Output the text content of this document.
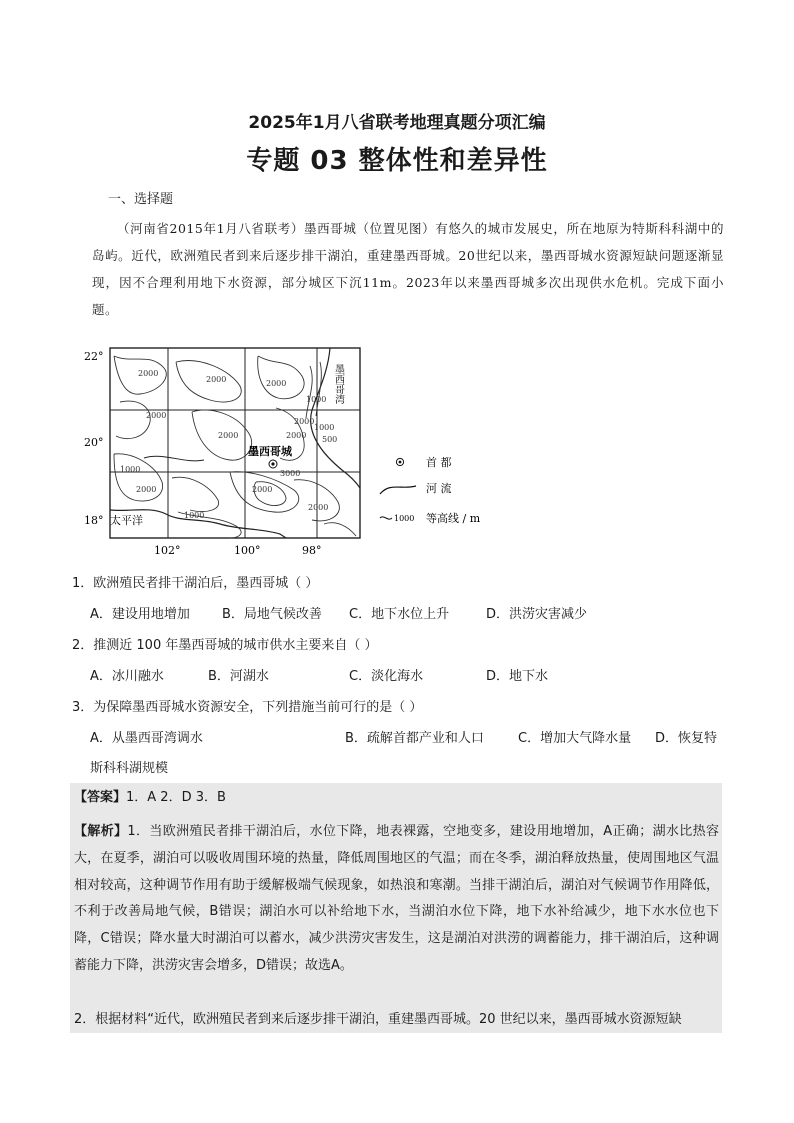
2025年1月八省联考地理真题分项汇编
专题 03 整体性和差异性
一、选择题
（河南省2015年1月八省联考）墨西哥城（位置见图）有悠久的城市发展史，所在地原为特斯科科湖中的岛屿。近代，欧洲殖民者到来后逐步排干湖泊，重建墨西哥城。20世纪以来，墨西哥城水资源短缺问题逐渐显现，因不合理利用地下水资源，部分城区下沉11m。2023年以来墨西哥城多次出现供水危机。完成下面小题。
22°
20°
18°
102°	100°	98°
墨西哥城
太平洋
墨西哥湾
2000
2000
2000
2000
2000
2000
1000
2000
1000
500
3000
2000
1000
1000
2000
2000
首 都
河 流
1000 等高线 / m
1．欧洲殖民者排干湖泊后，墨西哥城（ ）
A．建设用地增加 B．局地气候改善 C．地下水位上升	D．洪涝灾害减少
2．推测近 100 年墨西哥城的城市供水主要来自（ ）
A．冰川融水	B．河湖水	C．淡化海水	D．地下水
3．为保障墨西哥城水资源安全，下列措施当前可行的是（ ）
A．从墨西哥湾调水	B．疏解首都产业和人口	C．增加大气降水量 D．恢复特
斯科科湖规模
【答案】1．A 2．D 3．B
【解析】1．当欧洲殖民者排干湖泊后，水位下降，地表裸露，空地变多，建设用地增加，A正确；湖水比热容大，在夏季，湖泊可以吸收周围环境的热量，降低周围地区的气温；而在冬季，湖泊释放热量，使周围地区气温相对较高，这种调节作用有助于缓解极端气候现象，如热浪和寒潮。当排干湖泊后，湖泊对气候调节作用降低，不利于改善局地气候，B错误；湖泊水可以补给地下水，当湖泊水位下降，地下水补给减少，地下水水位也下降，C错误；降水量大时湖泊可以蓄水，减少洪涝灾害发生，这是湖泊对洪涝的调蓄能力，排干湖泊后，这种调蓄能力下降，洪涝灾害会增多，D错误；故选A。
2．根据材料“近代，欧洲殖民者到来后逐步排干湖泊，重建墨西哥城。20 世纪以来，墨西哥城水资源短缺
